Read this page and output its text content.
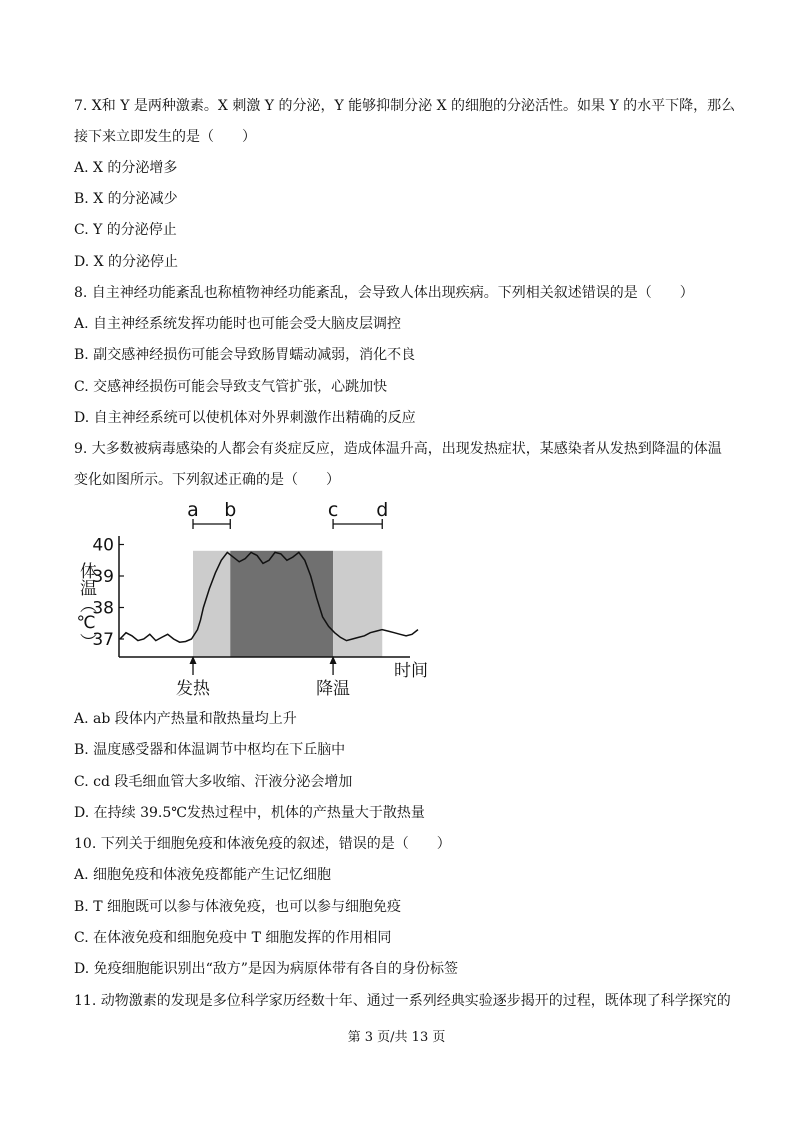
7. X和 Y 是两种激素。X 刺激 Y 的分泌，Y 能够抑制分泌 X 的细胞的分泌活性。如果 Y 的水平下降，那么
接下来立即发生的是（　　）
A. X 的分泌增多
B. X 的分泌减少
C. Y 的分泌停止
D. X 的分泌停止
8. 自主神经功能紊乱也称植物神经功能紊乱，会导致人体出现疾病。下列相关叙述错误的是（　　）
A. 自主神经系统发挥功能时也可能会受大脑皮层调控
B. 副交感神经损伤可能会导致肠胃蠕动减弱，消化不良
C. 交感神经损伤可能会导致支气管扩张，心跳加快
D. 自主神经系统可以使机体对外界刺激作出精确的反应
9. 大多数被病毒感染的人都会有炎症反应，造成体温升高，出现发热症状，某感染者从发热到降温的体温
变化如图所示。下列叙述正确的是（　　）
37
38
39
40
a b	c d
发热	降温
体温（℃）
时间
A. ab 段体内产热量和散热量均上升
B. 温度感受器和体温调节中枢均在下丘脑中
C. cd 段毛细血管大多收缩、汗液分泌会增加
D. 在持续 39.5℃发热过程中，机体的产热量大于散热量
10. 下列关于细胞免疫和体液免疫的叙述，错误的是（　　）
A. 细胞免疫和体液免疫都能产生记忆细胞
B. T 细胞既可以参与体液免疫，也可以参与细胞免疫
C. 在体液免疫和细胞免疫中 T 细胞发挥的作用相同
D. 免疫细胞能识别出“敌方”是因为病原体带有各自的身份标签
11. 动物激素的发现是多位科学家历经数十年、通过一系列经典实验逐步揭开的过程，既体现了科学探究的
第 3 页/共 13 页
